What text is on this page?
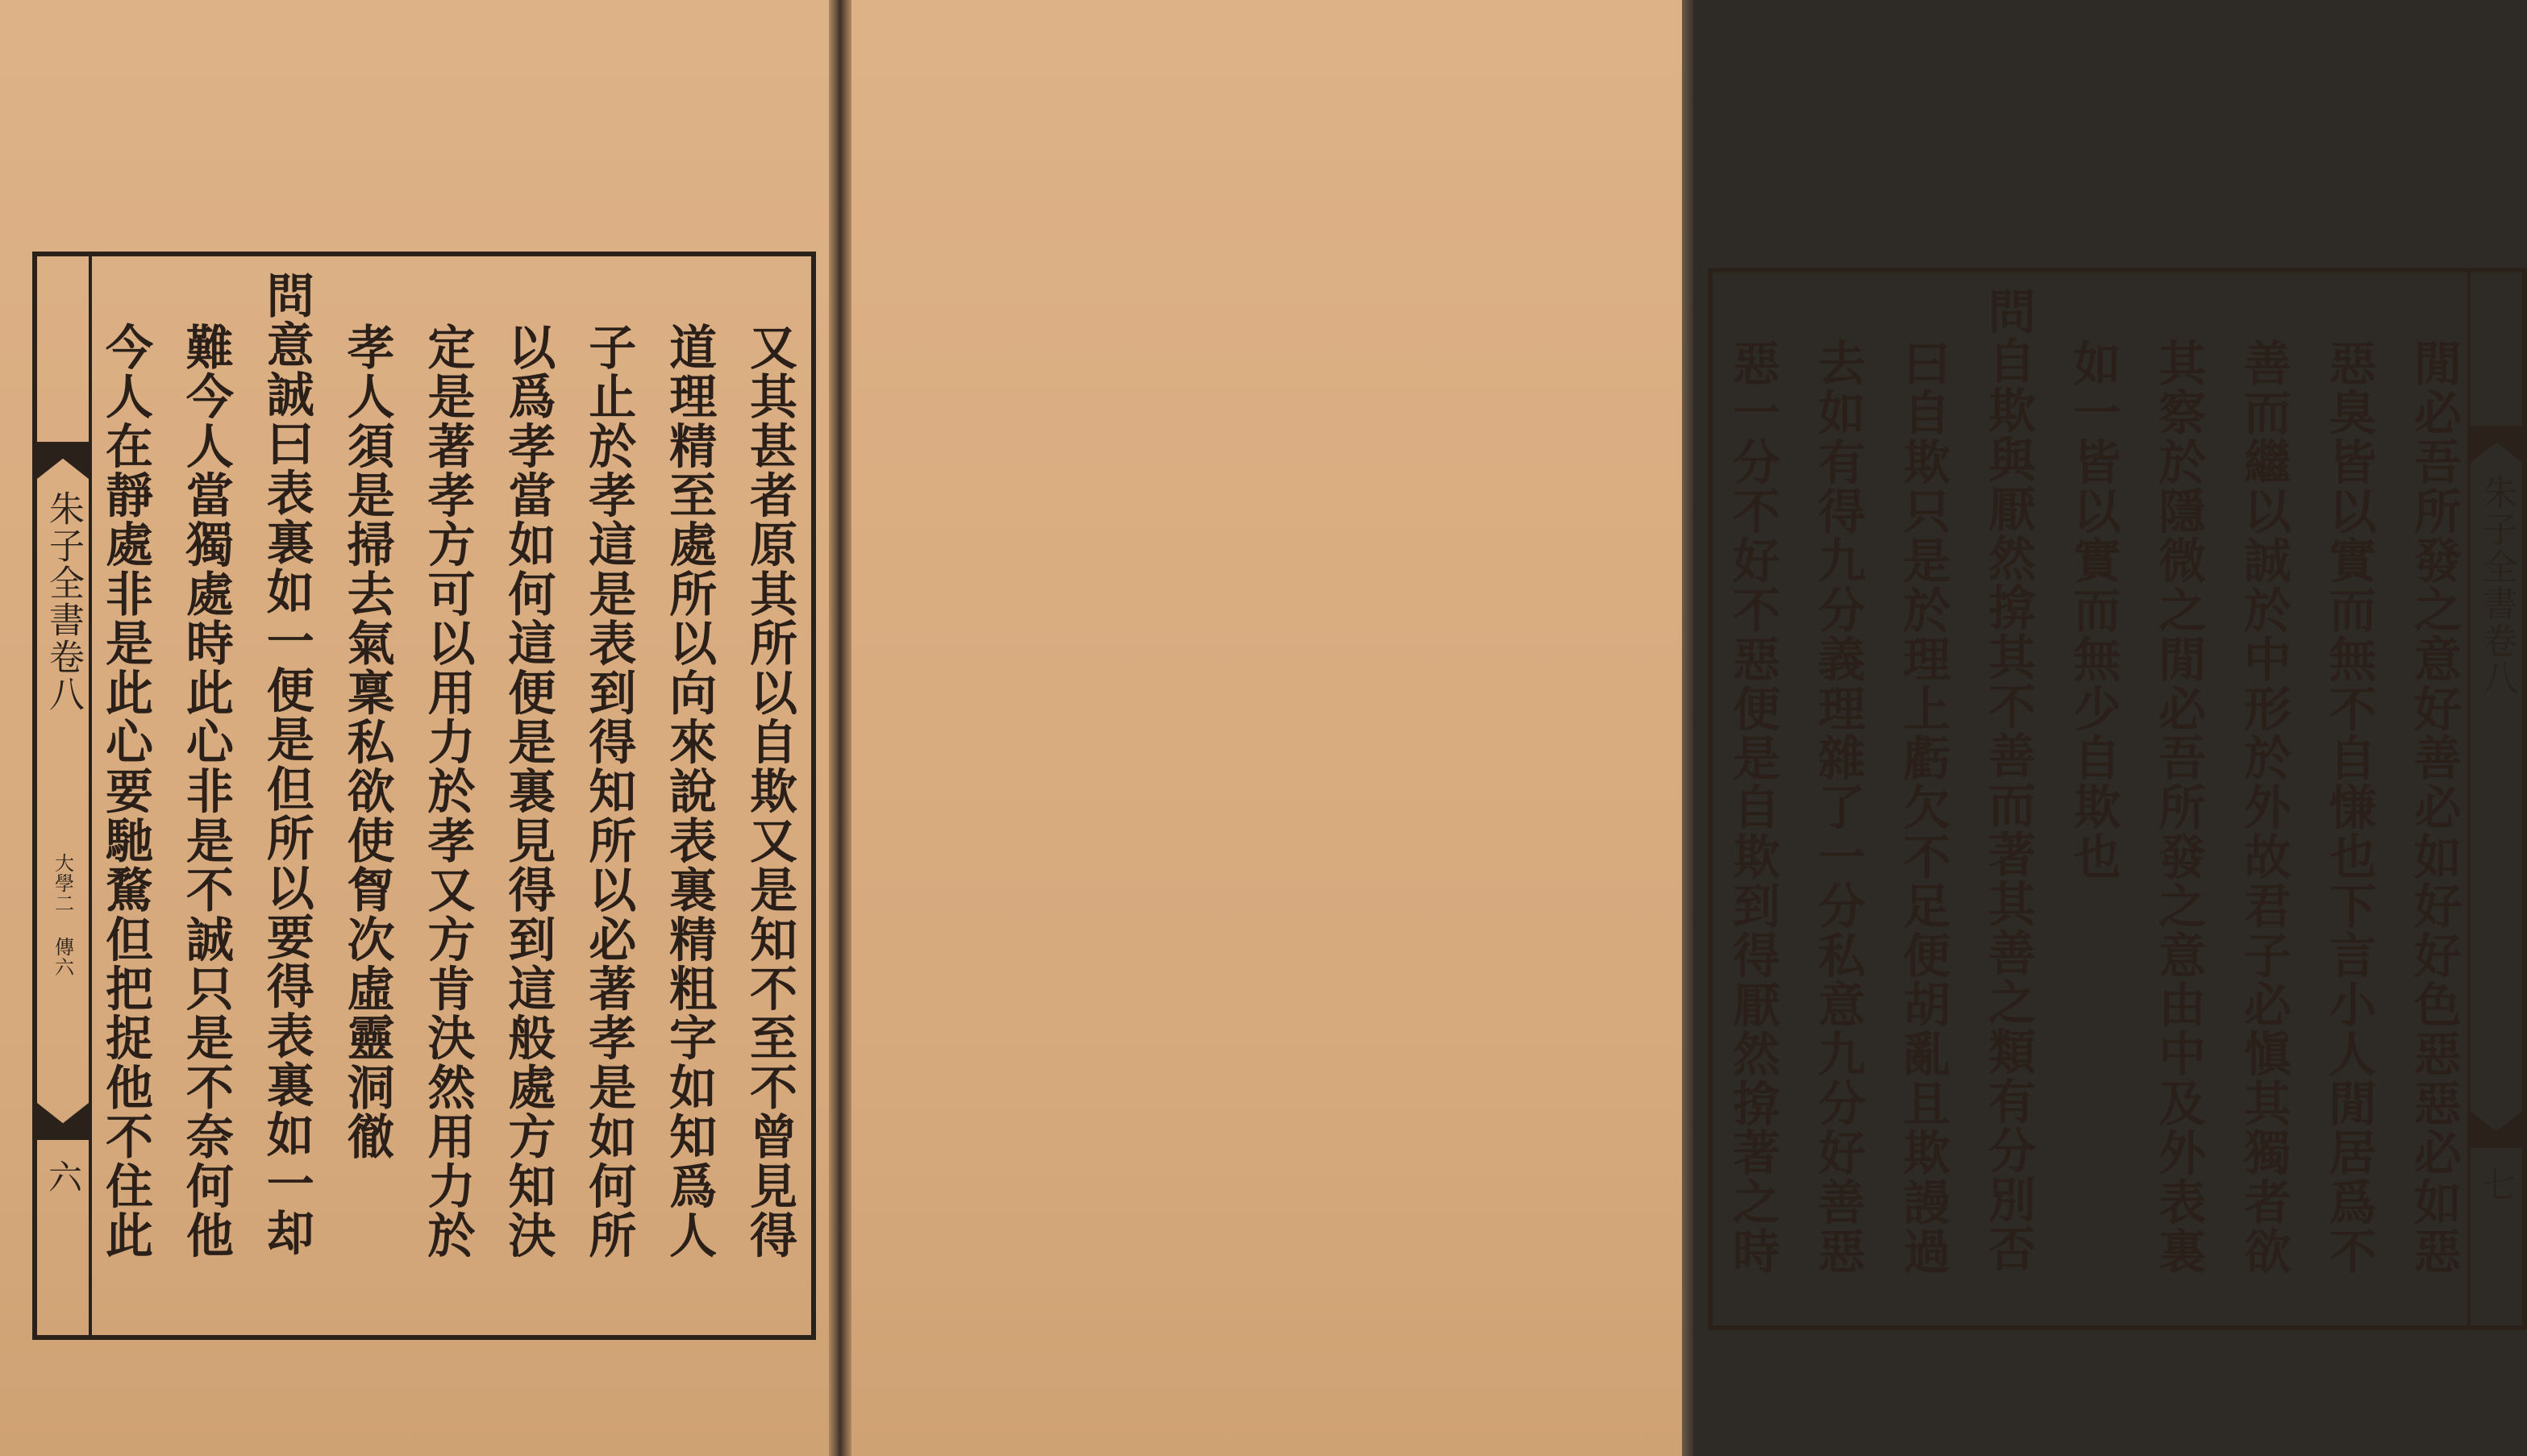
朱子全書卷八
大學二 傳六
六	又其甚者原其所以自欺又是知不至不曾見得
道理精至處所以向來說表裏精粗字如知爲人
子止於孝這是表到得知所以必著孝是如何所
以爲孝當如何這便是裏見得到這般處方知決
定是著孝方可以用力於孝又方肯決然用力於
孝人須是掃去氣稟私欲使胷次虛靈洞徹
問意誠曰表裏如一便是但所以要得表裏如一却
難今人當獨處時此心非是不誠只是不奈何他
今人在靜處非是此心要馳騖但把捉他不住此	閒必吾所發之意好善必如好好色惡惡必如惡
惡臭皆以實而無不自慊也下言小人閒居爲不
善而繼以誠於中形於外故君子必愼其獨者欲
其察於隱微之閒必吾所發之意由中及外表裏
如一皆以實而無少自欺也
問自欺與厭然揜其不善而著其善之類有分別否
曰自欺只是於理上虧欠不足便胡亂且欺謾過
去如有得九分義理雜了一分私意九分好善惡
惡一分不好不惡便是自欺到得厭然揜著之時	朱子全書卷八
七
